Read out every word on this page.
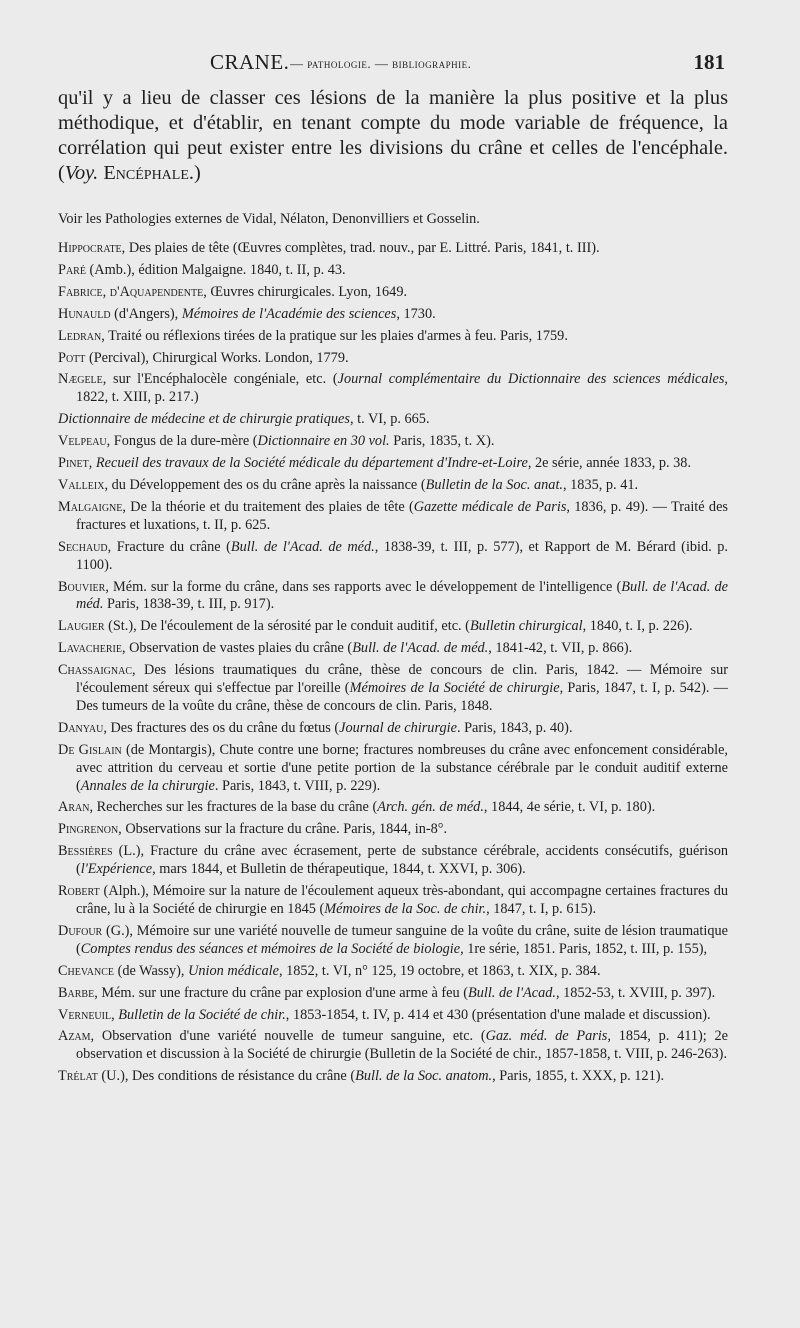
CRANE. — pathologie. — bibliographie.	181
qu'il y a lieu de classer ces lésions de la manière la plus positive et la plus méthodique, et d'établir, en tenant compte du mode variable de fréquence, la corrélation qui peut exister entre les divisions du crâne et celles de l'encéphale. (Voy. Encéphale.)
Voir les Pathologies externes de Vidal, Nélaton, Denonvilliers et Gosselin.
Hippocrate, Des plaies de tête (Œuvres complètes, trad. nouv., par E. Littré. Paris, 1841, t. III).
Paré (Amb.), édition Malgaigne. 1840, t. II, p. 43.
Fabrice, d'Aquapendente, Œuvres chirurgicales. Lyon, 1649.
Hunauld (d'Angers), Mémoires de l'Académie des sciences, 1730.
Ledran, Traité ou réflexions tirées de la pratique sur les plaies d'armes à feu. Paris, 1759.
Pott (Percival), Chirurgical Works. London, 1779.
Nægele, sur l'Encéphalocèle congéniale, etc. (Journal complémentaire du Dictionnaire des sciences médicales, 1822, t. XIII, p. 217.)
Dictionnaire de médecine et de chirurgie pratiques, t. VI, p. 665.
Velpeau, Fongus de la dure-mère (Dictionnaire en 30 vol. Paris, 1835, t. X).
Pinet, Recueil des travaux de la Société médicale du département d'Indre-et-Loire, 2e série, année 1833, p. 38.
Valleix, du Développement des os du crâne après la naissance (Bulletin de la Soc. anat., 1835, p. 41.
Malgaigne, De la théorie et du traitement des plaies de tête (Gazette médicale de Paris, 1836, p. 49). — Traité des fractures et luxations, t. II, p. 625.
Sechaud, Fracture du crâne (Bull. de l'Acad. de méd., 1838-39, t. III, p. 577), et Rapport de M. Bérard (ibid. p. 1100).
Bouvier, Mém. sur la forme du crâne, dans ses rapports avec le développement de l'intelligence (Bull. de l'Acad. de méd. Paris, 1838-39, t. III, p. 917).
Laugier (St.), De l'écoulement de la sérosité par le conduit auditif, etc. (Bulletin chirurgical, 1840, t. I, p. 226).
Lavacherie, Observation de vastes plaies du crâne (Bull. de l'Acad. de méd., 1841-42, t. VII, p. 866).
Chassaignac, Des lésions traumatiques du crâne, thèse de concours de clin. Paris, 1842. — Mémoire sur l'écoulement séreux qui s'effectue par l'oreille (Mémoires de la Société de chirurgie, Paris, 1847, t. I, p. 542). — Des tumeurs de la voûte du crâne, thèse de concours de clin. Paris, 1848.
Danyau, Des fractures des os du crâne du fœtus (Journal de chirurgie. Paris, 1843, p. 40).
De Gislain (de Montargis), Chute contre une borne; fractures nombreuses du crâne avec enfoncement considérable, avec attrition du cerveau et sortie d'une petite portion de la substance cérébrale par le conduit auditif externe (Annales de la chirurgie. Paris, 1843, t. VIII, p. 229).
Aran, Recherches sur les fractures de la base du crâne (Arch. gén. de méd., 1844, 4e série, t. VI, p. 180).
Pingrenon, Observations sur la fracture du crâne. Paris, 1844, in-8°.
Bessières (L.), Fracture du crâne avec écrasement, perte de substance cérébrale, accidents consécutifs, guérison (l'Expérience, mars 1844, et Bulletin de thérapeutique, 1844, t. XXVI, p. 306).
Robert (Alph.), Mémoire sur la nature de l'écoulement aqueux très-abondant, qui accompagne certaines fractures du crâne, lu à la Société de chirurgie en 1845 (Mémoires de la Soc. de chir., 1847, t. I, p. 615).
Dufour (G.), Mémoire sur une variété nouvelle de tumeur sanguine de la voûte du crâne, suite de lésion traumatique (Comptes rendus des séances et mémoires de la Société de biologie, 1re série, 1851. Paris, 1852, t. III, p. 155),
Chevance (de Wassy), Union médicale, 1852, t. VI, n° 125, 19 octobre, et 1863, t. XIX, p. 384.
Barbe, Mém. sur une fracture du crâne par explosion d'une arme à feu (Bull. de l'Acad., 1852-53, t. XVIII, p. 397).
Verneuil, Bulletin de la Société de chir., 1853-1854, t. IV, p. 414 et 430 (présentation d'une malade et discussion).
Azam, Observation d'une variété nouvelle de tumeur sanguine, etc. (Gaz. méd. de Paris, 1854, p. 411); 2e observation et discussion à la Société de chirurgie (Bulletin de la Société de chir., 1857-1858, t. VIII, p. 246-263).
Trélat (U.), Des conditions de résistance du crâne (Bull. de la Soc. anatom., Paris, 1855, t. XXX, p. 121).
